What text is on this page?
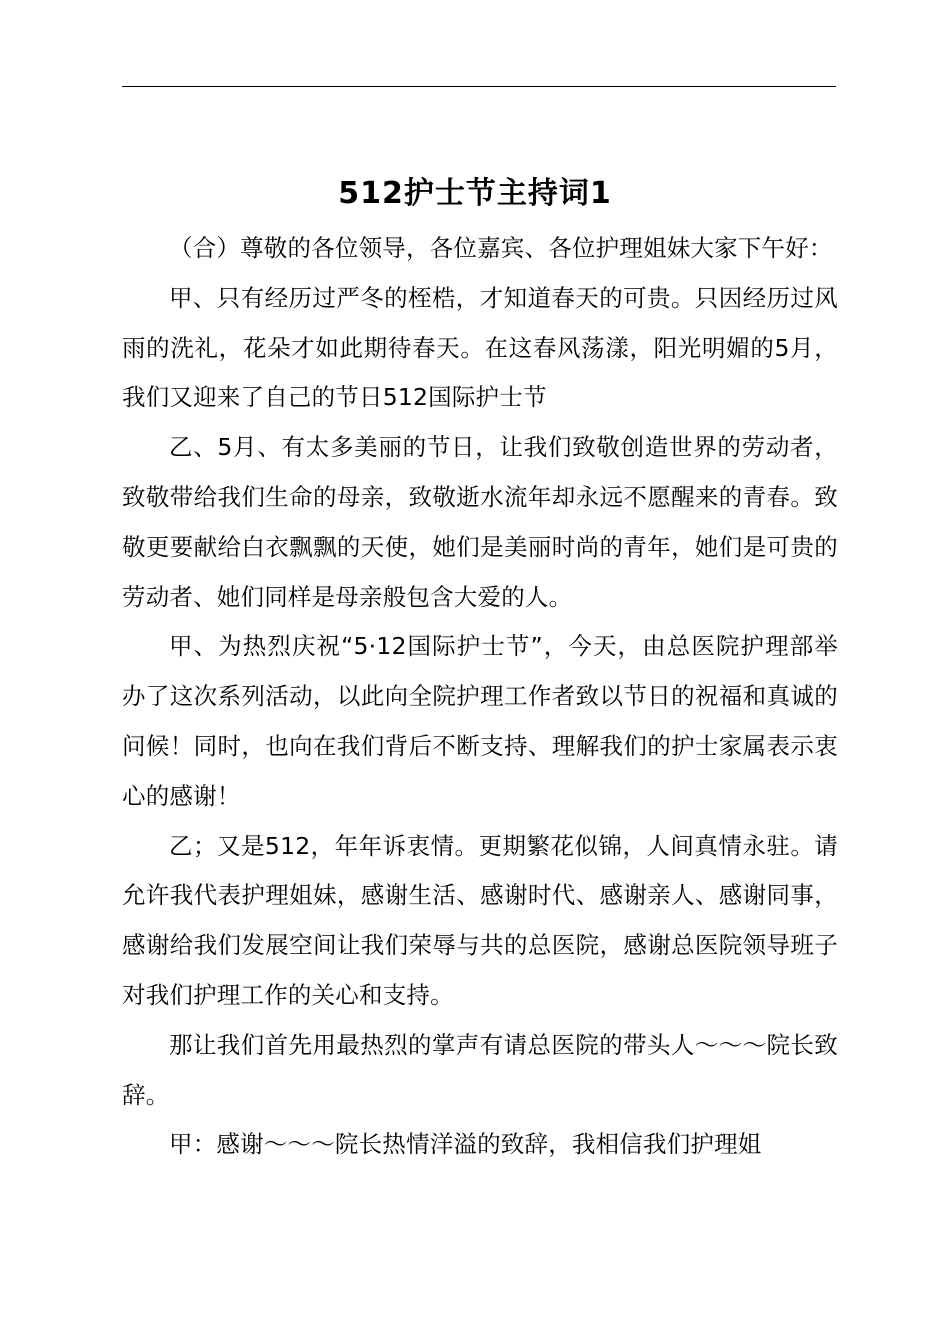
512护士节主持词1

（合）尊敬的各位领导，各位嘉宾、各位护理姐妹大家下午好：

甲、只有经历过严冬的桎梏，才知道春天的可贵。只因经历过风雨的洗礼，花朵才如此期待春天。在这春风荡漾，阳光明媚的5月，我们又迎来了自己的节日512国际护士节

乙、5月、有太多美丽的节日，让我们致敬创造世界的劳动者，致敬带给我们生命的母亲，致敬逝水流年却永远不愿醒来的青春。致敬更要献给白衣飘飘的天使，她们是美丽时尚的青年，她们是可贵的劳动者、她们同样是母亲般包含大爱的人。

甲、为热烈庆祝“5·12国际护士节”，今天，由总医院护理部举办了这次系列活动，以此向全院护理工作者致以节日的祝福和真诚的问候！同时，也向在我们背后不断支持、理解我们的护士家属表示衷心的感谢！

乙；又是512，年年诉衷情。更期繁花似锦，人间真情永驻。请允许我代表护理姐妹，感谢生活、感谢时代、感谢亲人、感谢同事，感谢给我们发展空间让我们荣辱与共的总医院，感谢总医院领导班子对我们护理工作的关心和支持。

那让我们首先用最热烈的掌声有请总医院的带头人～～～院长致辞。

甲：感谢～～～院长热情洋溢的致辞，我相信我们护理姐
